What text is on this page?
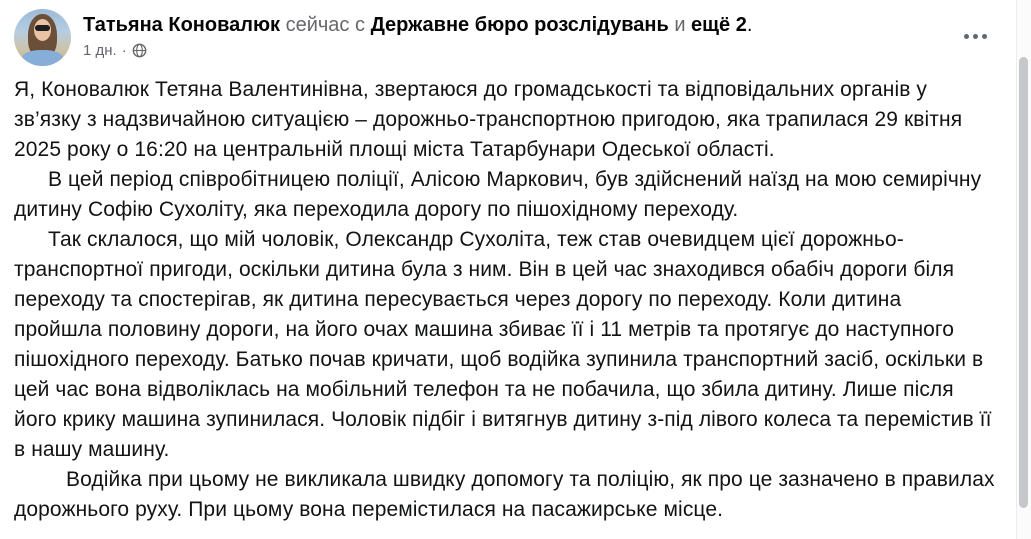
Татьяна Коновалюк сейчас с Державне бюро розслідувань и ещё 2.
1 дн. ·

Я, Коновалюк Тетяна Валентинівна, звертаюся до громадськості та відповідальних органів у зв’язку з надзвичайною ситуацією – дорожньо-транспортною пригодою, яка трапилася 29 квітня 2025 року о 16:20 на центральній площі міста Татарбунари Одеської області.

В цей період співробітницею поліції, Алісою Маркович, був здійснений наїзд на мою семирічну дитину Софію Сухоліту, яка переходила дорогу по пішохідному переходу.

Так склалося, що мій чоловік, Олександр Сухоліта, теж став очевидцем цієї дорожньо-транспортної пригоди, оскільки дитина була з ним. Він в цей час знаходився обабіч дороги біля переходу та спостерігав, як дитина пересувається через дорогу по переходу. Коли дитина пройшла половину дороги, на його очах машина збиває її і 11 метрів та протягує до наступного пішохідного переходу. Батько почав кричати, щоб водійка зупинила транспортний засіб, оскільки в цей час вона відволіклась на мобільний телефон та не побачила, що збила дитину. Лише після його крику машина зупинилася. Чоловік підбіг і витягнув дитину з-під лівого колеса та перемістив її в нашу машину.

Водійка при цьому не викликала швидку допомогу та поліцію, як про це зазначено в правилах дорожнього руху. При цьому вона перемістилася на пасажирське місце.
